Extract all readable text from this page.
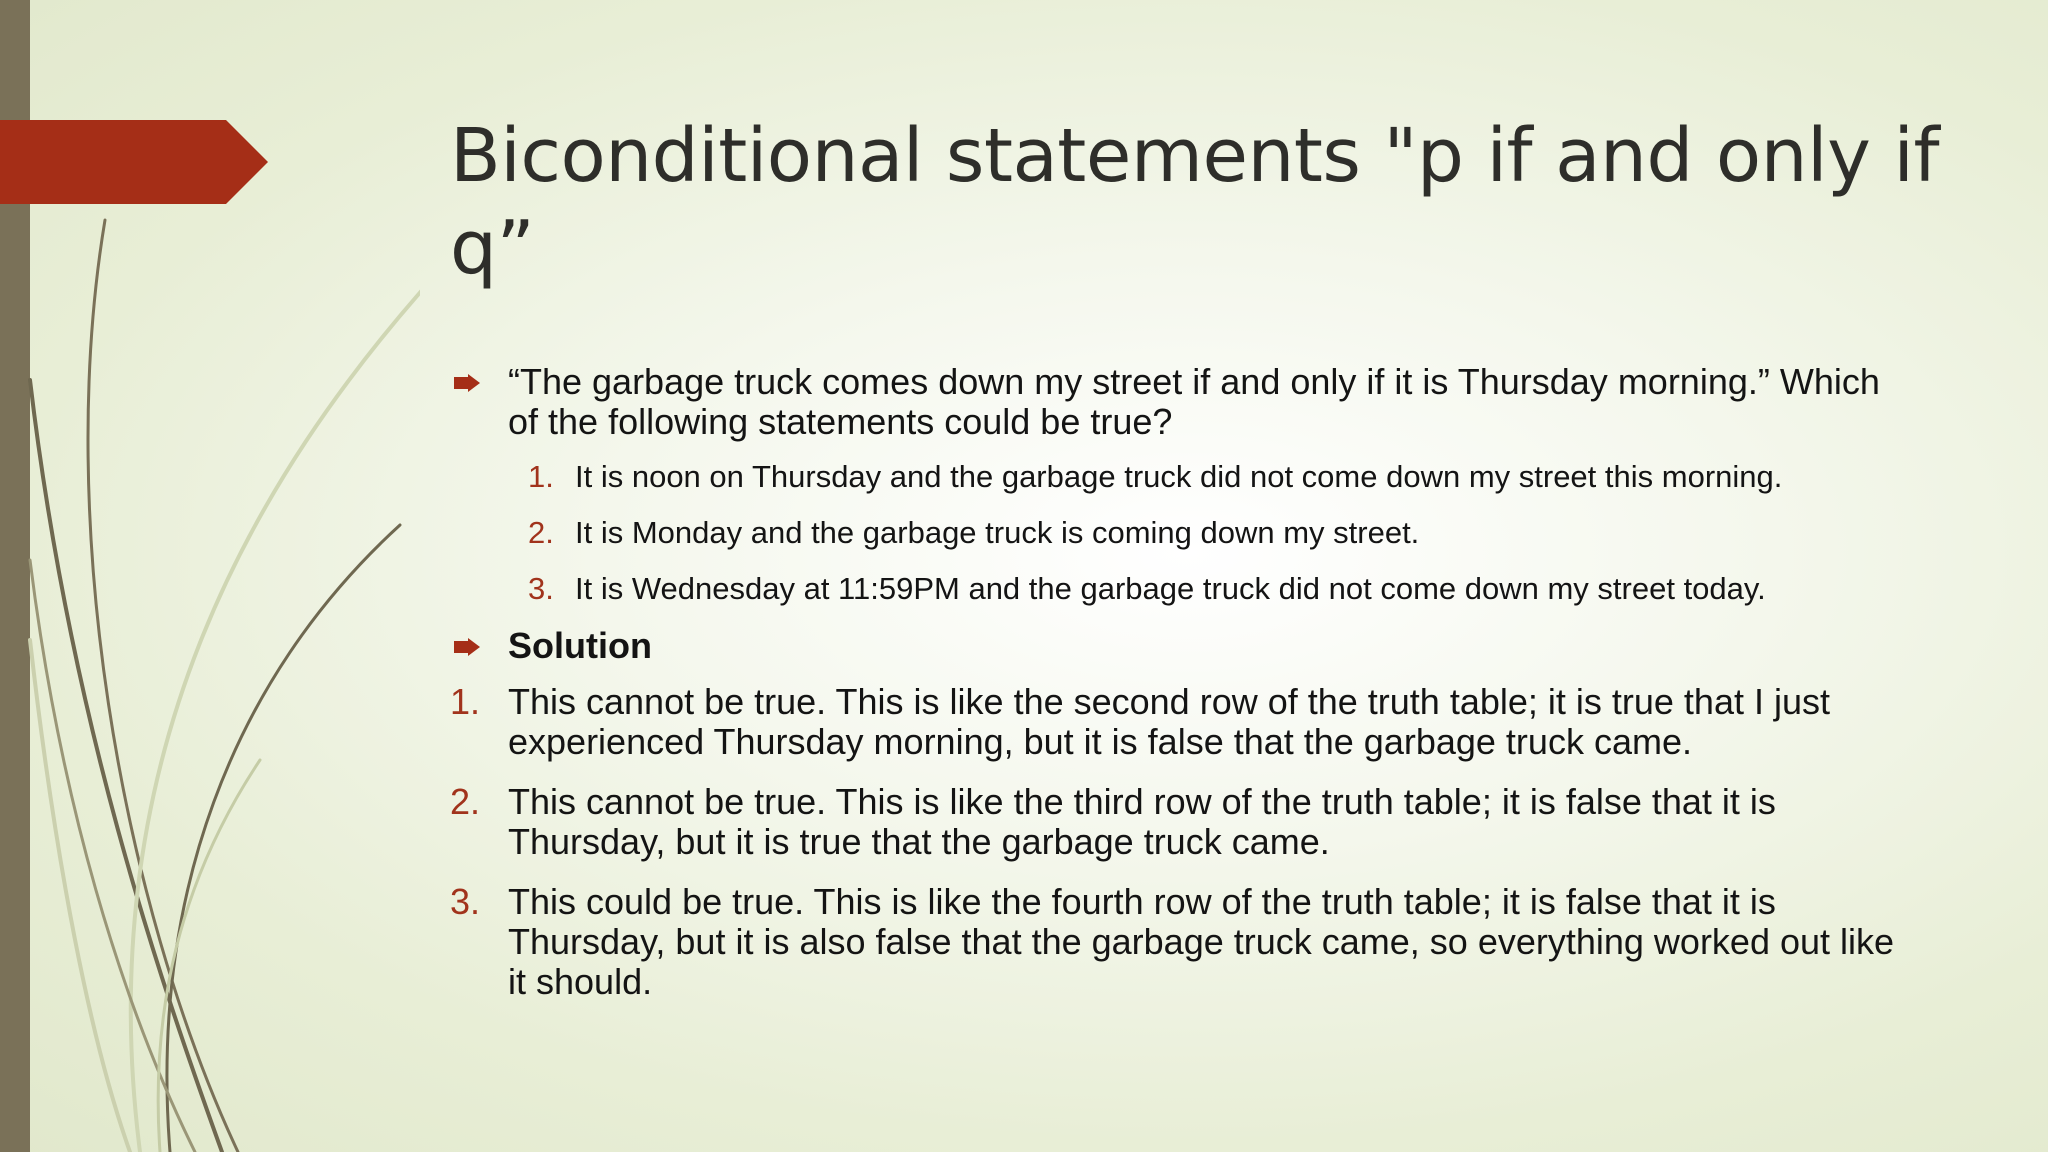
Biconditional statements "p if and only if q”
“The garbage truck comes down my street if and only if it is Thursday morning.” Which of the following statements could be true?
1. It is noon on Thursday and the garbage truck did not come down my street this morning.
2. It is Monday and the garbage truck is coming down my street.
3. It is Wednesday at 11:59PM and the garbage truck did not come down my street today.
Solution
1. This cannot be true. This is like the second row of the truth table; it is true that I just experienced Thursday morning, but it is false that the garbage truck came.
2. This cannot be true. This is like the third row of the truth table; it is false that it is Thursday, but it is true that the garbage truck came.
3. This could be true. This is like the fourth row of the truth table; it is false that it is Thursday, but it is also false that the garbage truck came, so everything worked out like it should.
